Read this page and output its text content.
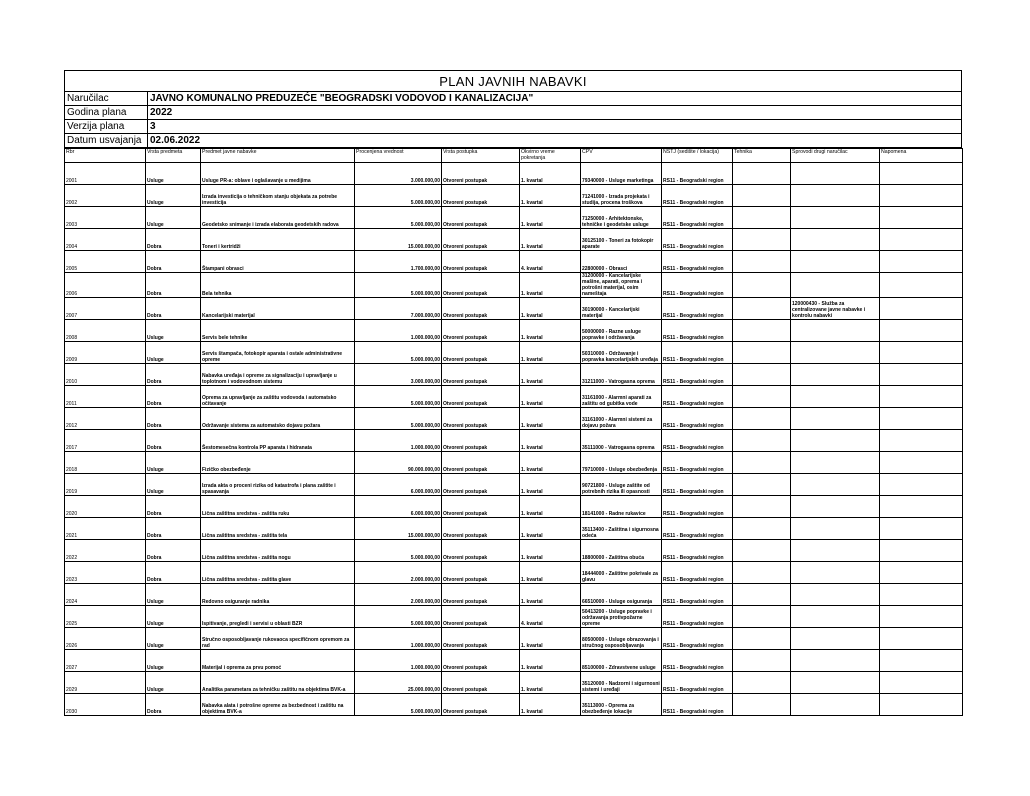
PLAN JAVNIH NABAVKI
Naručilac	JAVNO KOMUNALNO PREDUZEĆE "BEOGRADSKI VODOVOD I KANALIZACIJA"
Godina plana	2022
Verzija plana	3
Datum usvajanja 02.06.2022
Rbr	Vrsta predmeta	Predmet javne nabavke	Procenjena vrednost	Vrsta postupka	Okvirno vreme pokretanja	CPV	NSTJ (sedište / lokacija)	Tehnika	Sprovodi drugi naručilac	Napomena
2001	Usluge	Usluge PR-a: oblave i oglašavanje u medijima	3.000.000,00	Otvoreni postupak	1. kvartal	79340000 - Usluge marketinga	RS11 - Beogradski region			
2002	Usluge	Izrada investicija o tehničkom stanju objekata za potrebe investicija	5.000.000,00	Otvoreni postupak	1. kvartal	71241000 - Izrada projekata i studija, procena troškova	RS11 - Beogradski region			
2003	Usluge	Geodetsko snimanje i izrada elaborata geodetskih radova	5.000.000,00	Otvoreni postupak	1. kvartal	71250000 - Arhitektonske, tehničke i geodetske usluge	RS11 - Beogradski region			
2004	Dobra	Toneri i kertridži	15.000.000,00	Otvoreni postupak	1. kvartal	30125100 - Toneri za fotokopir aparate	RS11 - Beogradski region			
2005	Dobra	Štampani obrasci	1.700.000,00	Otvoreni postupak	4. kvartal	22800000 - Obrasci	RS11 - Beogradski region			
2006	Dobra	Bela tehnika	5.000.000,00	Otvoreni postupak	1. kvartal	31200000 - Kancelarijske mašine, aparati, oprema i potrošni materijal, osim nameštaja	RS11 - Beogradski region			
2007	Dobra	Kancelarijski materijal	7.000.000,00	Otvoreni postupak	1. kvartal	30190000 - Kancelarijski materijal	RS11 - Beogradski region		120000430 - Služba za centralizovane javne nabavke i kontrolu nabavki	
2008	Usluge	Servis bele tehnike	1.000.000,00	Otvoreni postupak	1. kvartal	50000000 - Razne usluge popravke i održavanja	RS11 - Beogradski region			
2009	Usluge	Servis štampača, fotokopir aparata i ostale administrativne opreme	5.000.000,00	Otvoreni postupak	1. kvartal	50310000 - Održavanje i popravka kancelarijskih uređaja	RS11 - Beogradski region			
2010	Dobra	Nabavka uređaja i opreme za signalizaciju i upravljanje u toplotnom i vodovodnom sistemu	3.000.000,00	Otvoreni postupak	1. kvartal	31211000 - Vatrogasna oprema	RS11 - Beogradski region			
2011	Dobra	Oprema za upravljanje za zaštitu vodovoda i automatsko očitavanje	5.000.000,00	Otvoreni postupak	1. kvartal	31161000 - Alarmni aparati za zaštitu od gubitka vode	RS11 - Beogradski region			
2012	Dobra	Održavanje sistema za automatsko dojavu požara	5.000.000,00	Otvoreni postupak	1. kvartal	31161000 - Alarmni sistemi za dojavu požara	RS11 - Beogradski region			
2017	Dobra	Šestomesečna kontrola PP aparata i hidranata	1.000.000,00	Otvoreni postupak	1. kvartal	35111000 - Vatrogasna oprema	RS11 - Beogradski region			
2018	Usluge	Fizičko obezbeđenje	90.000.000,00	Otvoreni postupak	1. kvartal	79710000 - Usluge obezbeđenja	RS11 - Beogradski region			
2019	Usluge	Izrada akta o proceni rizika od katastrofa i plana zaštite i spasavanja	6.000.000,00	Otvoreni postupak	1. kvartal	90721800 - Usluge zaštite od potrebnih rizika ili opasnosti	RS11 - Beogradski region			
2020	Dobra	Lična zaštitna sredstva - zaštita ruku	6.000.000,00	Otvoreni postupak	1. kvartal	18141000 - Radne rukavice	RS11 - Beogradski region			
2021	Dobra	Lična zaštitna sredstva - zaštita tela	15.000.000,00	Otvoreni postupak	1. kvartal	35113400 - Zaštitna i sigurnosna odeća	RS11 - Beogradski region			
2022	Dobra	Lična zaštitna sredstva - zaštita nogu	5.000.000,00	Otvoreni postupak	1. kvartal	18800000 - Zaštitna obuća	RS11 - Beogradski region			
2023	Dobra	Lična zaštitna sredstva - zaštita glave	2.000.000,00	Otvoreni postupak	1. kvartal	18444000 - Zaštitne pokrivale za glavu	RS11 - Beogradski region			
2024	Usluge	Redovno osiguranje radnika	2.000.000,00	Otvoreni postupak	1. kvartal	66510000 - Usluge osiguranja	RS11 - Beogradski region			
2025	Usluge	Ispitivanje, pregledi i servisi u oblasti BZR	5.000.000,00	Otvoreni postupak	4. kvartal	50413200 - Usluge popravke i održavanja protivpožarne opreme	RS11 - Beogradski region			
2026	Usluge	Stručno osposobljavanje rukovaoca specifičnom opremom za rad	1.000.000,00	Otvoreni postupak	1. kvartal	80500000 - Usluge obrazovanja i stručnog osposobljavanja	RS11 - Beogradski region			
2027	Usluge	Materijal i oprema za prvu pomoć	1.000.000,00	Otvoreni postupak	1. kvartal	85100000 - Zdravstvene usluge	RS11 - Beogradski region			
2029	Usluge	Analitika parametara za tehničku zaštitu na objektima BVK-a	25.000.000,00	Otvoreni postupak	1. kvartal	35120000 - Nadzorni i sigurnosni sistemi i uređaji	RS11 - Beogradski region			
2030	Dobra	Nabavka alata i potrošne opreme za bezbednost i zaštitu na objektima BVK-a	5.000.000,00	Otvoreni postupak	1. kvartal	35113000 - Oprema za obezbeđenje lokacije	RS11 - Beogradski region			
